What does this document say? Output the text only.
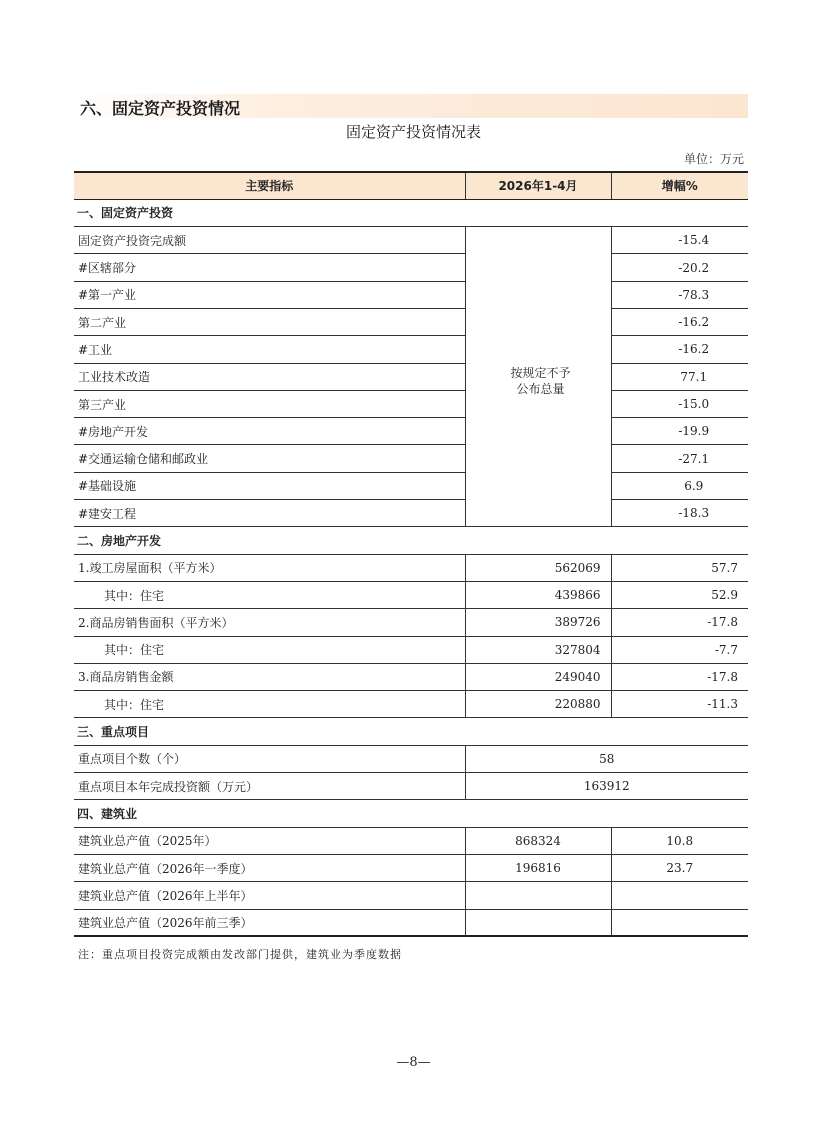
六、固定资产投资情况
固定资产投资情况表
单位：万元
主要指标	2026年1-4月	增幅%
一、固定资产投资		
固定资产投资完成额	按规定不予公布总量	-15.4
#区辖部分		-20.2
#第一产业		-78.3
第二产业		-16.2
#工业		-16.2
工业技术改造		77.1
第三产业		-15.0
#房地产开发		-19.9
#交通运输仓储和邮政业		-27.1
#基础设施		6.9
#建安工程		-18.3
二、房地产开发		
1.竣工房屋面积（平方米）	562069	57.7
其中：住宅	439866	52.9
2.商品房销售面积（平方米）	389726	-17.8
其中：住宅	327804	-7.7
3.商品房销售金额	249040	-17.8
其中：住宅	220880	-11.3
三、重点项目		
重点项目个数（个）	58	
重点项目本年完成投资额（万元）	163912	
四、建筑业		
建筑业总产值（2025年）	868324	10.8
建筑业总产值（2026年一季度）	196816	23.7
建筑业总产值（2026年上半年）		
建筑业总产值（2026年前三季）		
注：重点项目投资完成额由发改部门提供，建筑业为季度数据
—8—
